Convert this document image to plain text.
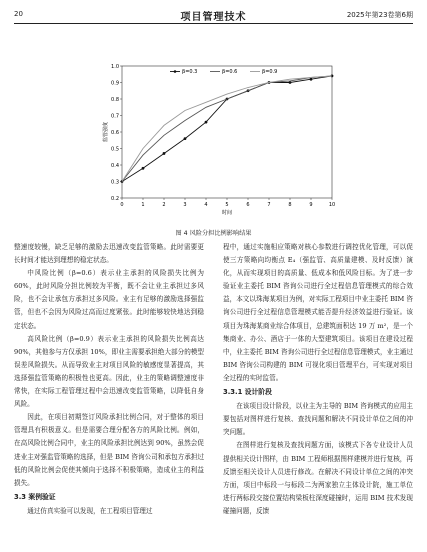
20	项目管理技术	2025年第23卷第6期
0.2
0.3
0.4
0.5
0.6
0.7
0.8
0.9
1.0
0	1	2	3	4	5	6	7	8	9	10
时间
监管强度
β=0.3	β=0.6	β=0.9
图 4 风险分担比例影响结果

整速度较慢，缺乏足够的激励去迅速改变监管策略。此时需要更长时间才能达到理想的稳定状态。

中风险比例（β=0.6）表示业主承担的风险损失比例为 60%，此时风险分担比例较为平衡，既不会让业主承担过多风险，也不会让承包方承担过多风险。业主有足够的激励选择强监管，但也不会因为风险过高而过度紧张。此时能够较快地达到稳定状态。

高风险比例（β=0.9）表示业主承担的风险损失比例高达 90%，其他参与方仅承担 10%，即业主需要承担绝大部分的模型误差风险损失。从而导致业主对项目风险的敏感度显著提高，其选择强监管策略的积极性也更高。因此，业主的策略调整速度非常快，在实际工程管理过程中会迅速改变监管策略，以降低自身风险。

因此，在项目初期签订风险承担比例合同，对于整体的项目管理具有积极意义。但是需要合理分配各方的风险比例。例如，在高风险比例合同中，业主的风险承担比例达到 90%，虽然会促进业主对强监管策略的选择，但是 BIM 咨询公司和承包方承担过低的风险比例会促使其倾向于选择不积极策略，造成业主的利益损失。

3.3 案例验证

通过仿真实验可以发现，在工程项目管理过

程中，通过实施相应策略对核心参数进行调控优化管理，可以促使三方策略向均衡点 E₄（强监管、高质量建模、及时反馈）演化，从而实现项目的高质量、低成本和低风险目标。为了进一步验证业主委托 BIM 咨询公司进行全过程信息管理模式的综合效益，本文以珠海某项目为例，对实际工程项目中业主委托 BIM 咨询公司进行全过程信息管理模式能否提升经济效益进行验证。该项目为珠海某商业综合体项目，总建筑面积达 19 万 m²，是一个集商业、办公、酒店于一体的大型建筑项目。该项目在建设过程中，业主委托 BIM 咨询公司进行全过程信息管理模式，业主通过 BIM 咨询公司构建的 BIM 可视化项目管理平台，可实现对项目全过程的实时监管。

3.3.1 设计阶段

在该项目设计阶段，以业主为主导的 BIM 咨询模式的应用主要包括对图样进行复核、查找问题和解决不同设计单位之间的冲突问题。

在图样进行复核及查找问题方面，该模式下各专业设计人员提供相关设计图样，由 BIM 工程师根据图样建模并进行复核，再反馈至相关设计人员进行修改。在解决不同设计单位之间的冲突方面，项目中标段一与标段二为两家独立主体设计院，施工单位进行两标段交接位置结构梁板柱深度碰撞时，运用 BIM 技术发现碰撞问题，反馈
